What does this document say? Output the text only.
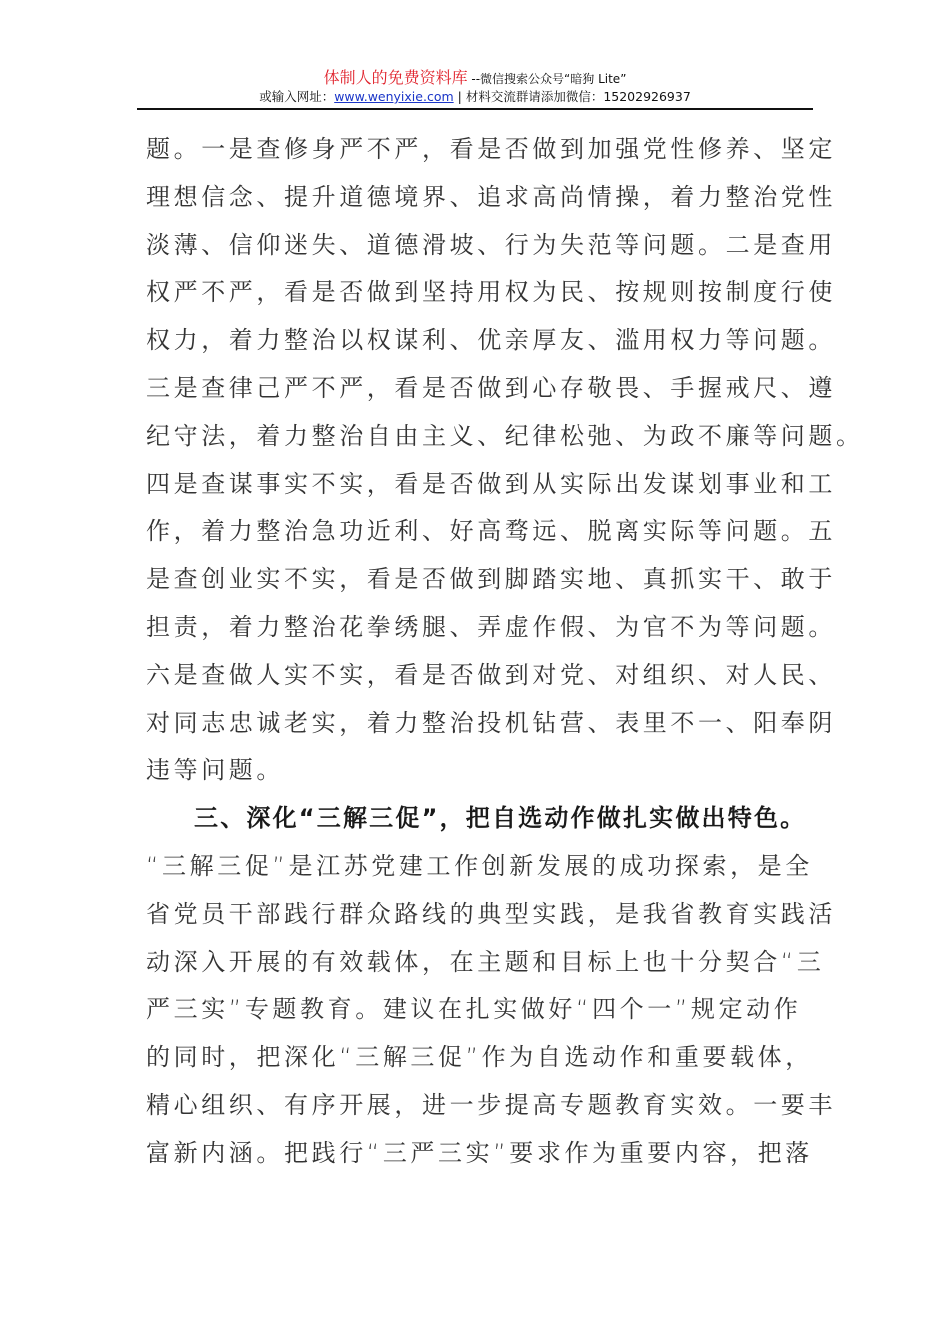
体制人的免费资料库 --微信搜索公众号“暗狗 Lite”
或输入网址：www.wenyixie.com | 材料交流群请添加微信：15202926937
题。一是查修身严不严，看是否做到加强党性修养、坚定
理想信念、提升道德境界、追求高尚情操，着力整治党性
淡薄、信仰迷失、道德滑坡、行为失范等问题。二是查用
权严不严，看是否做到坚持用权为民、按规则按制度行使
权力，着力整治以权谋利、优亲厚友、滥用权力等问题。
三是查律己严不严，看是否做到心存敬畏、手握戒尺、遵
纪守法，着力整治自由主义、纪律松弛、为政不廉等问题。
四是查谋事实不实，看是否做到从实际出发谋划事业和工
作，着力整治急功近利、好高骛远、脱离实际等问题。五
是查创业实不实，看是否做到脚踏实地、真抓实干、敢于
担责，着力整治花拳绣腿、弄虚作假、为官不为等问题。
六是查做人实不实，看是否做到对党、对组织、对人民、
对同志忠诚老实，着力整治投机钻营、表里不一、阳奉阴
违等问题。
三、深化“三解三促”，把自选动作做扎实做出特色。
“三解三促”是江苏党建工作创新发展的成功探索，是全
省党员干部践行群众路线的典型实践，是我省教育实践活
动深入开展的有效载体，在主题和目标上也十分契合“三
严三实”专题教育。建议在扎实做好“四个一”规定动作
的同时，把深化“三解三促”作为自选动作和重要载体，
精心组织、有序开展，进一步提高专题教育实效。一要丰
富新内涵。把践行“三严三实”要求作为重要内容，把落
